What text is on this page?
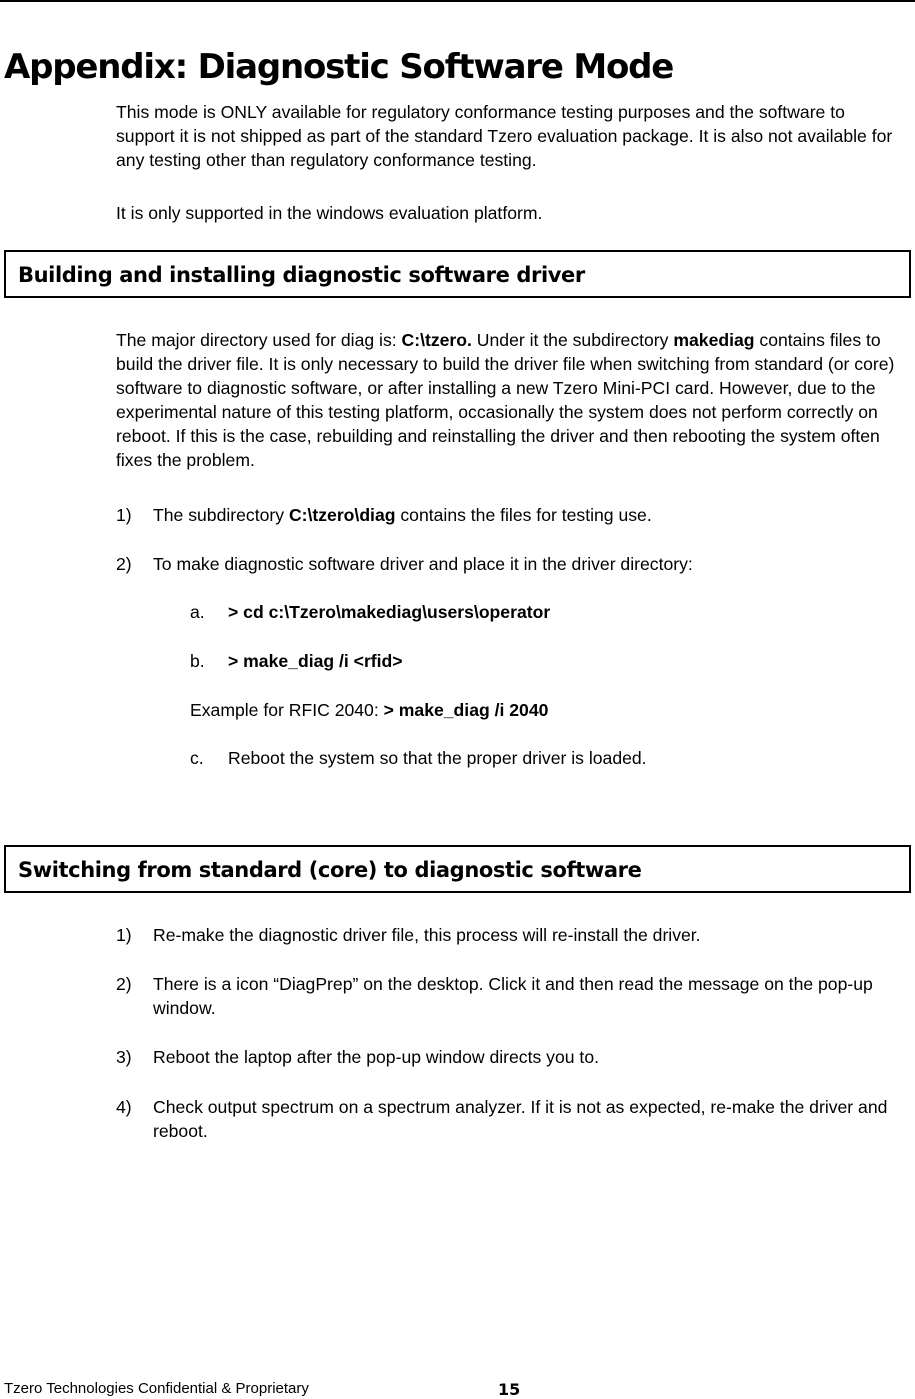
Appendix: Diagnostic Software Mode

This mode is ONLY available for regulatory conformance testing purposes and the software to support it is not shipped as part of the standard Tzero evaluation package. It is also not available for any testing other than regulatory conformance testing.

It is only supported in the windows evaluation platform.

Building and installing diagnostic software driver

The major directory used for diag is: C:\tzero. Under it the subdirectory makediag contains files to build the driver file. It is only necessary to build the driver file when switching from standard (or core) software to diagnostic software, or after installing a new Tzero Mini-PCI card. However, due to the experimental nature of this testing platform, occasionally the system does not perform correctly on reboot. If this is the case, rebuilding and reinstalling the driver and then rebooting the system often fixes the problem.

1) The subdirectory C:\tzero\diag contains the files for testing use.
2) To make diagnostic software driver and place it in the driver directory:
a. > cd c:\Tzero\makediag\users\operator
b. > make_diag /i <rfid>
Example for RFIC 2040: > make_diag /i 2040
c. Reboot the system so that the proper driver is loaded.
Switching from standard (core) to diagnostic software
1) Re-make the diagnostic driver file, this process will re-install the driver.
2) There is a icon “DiagPrep” on the desktop. Click it and then read the message on the pop-up window.
3) Reboot the laptop after the pop-up window directs you to.
4) Check output spectrum on a spectrum analyzer. If it is not as expected, re-make the driver and reboot.
Tzero Technologies Confidential & Proprietary	15
